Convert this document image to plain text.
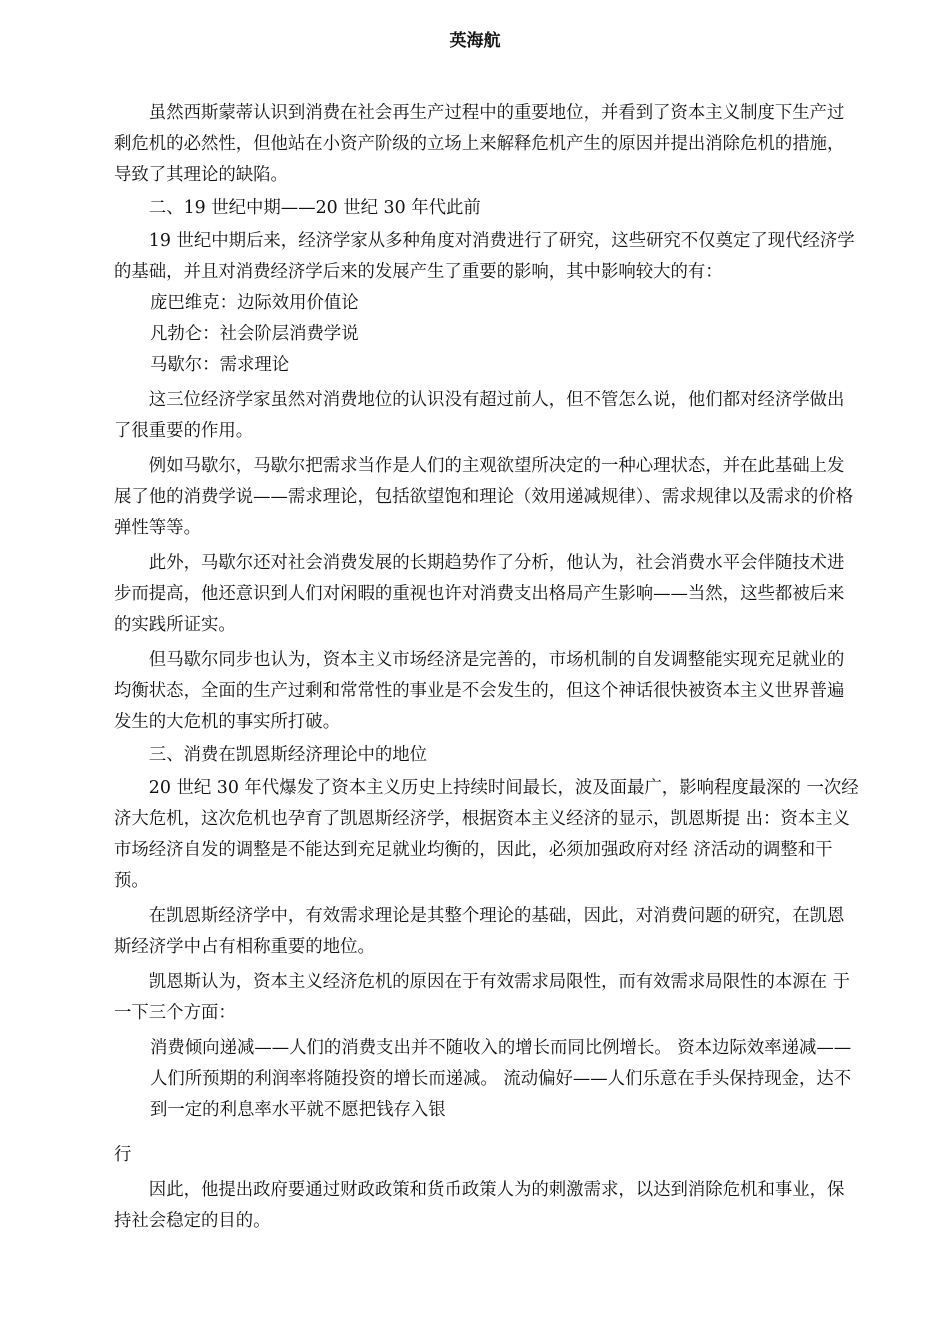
英海航

虽然西斯蒙蒂认识到消费在社会再生产过程中的重要地位，并看到了资本主义制度下生产过剩危机的必然性，但他站在小资产阶级的立场上来解释危机产生的原因并提出消除危机的措施，导致了其理论的缺陷。

二、19 世纪中期——20 世纪 30 年代此前

19 世纪中期后来，经济学家从多种角度对消费进行了研究，这些研究不仅奠定了现代经济学的基础，并且对消费经济学后来的发展产生了重要的影响，其中影响较大的有：

庞巴维克：边际效用价值论

凡勃仑：社会阶层消费学说

马歇尔：需求理论

这三位经济学家虽然对消费地位的认识没有超过前人，但不管怎么说，他们都对经济学做出了很重要的作用。

例如马歇尔，马歇尔把需求当作是人们的主观欲望所决定的一种心理状态，并在此基础上发展了他的消费学说——需求理论，包括欲望饱和理论（效用递减规律）、需求规律以及需求的价格弹性等等。

此外，马歇尔还对社会消费发展的长期趋势作了分析，他认为，社会消费水平会伴随技术进步而提高，他还意识到人们对闲暇的重视也许对消费支出格局产生影响——当然，这些都被后来的实践所证实。

但马歇尔同步也认为，资本主义市场经济是完善的，市场机制的自发调整能实现充足就业的均衡状态，全面的生产过剩和常常性的事业是不会发生的，但这个神话很快被资本主义世界普遍发生的大危机的事实所打破。

三、消费在凯恩斯经济理论中的地位

20 世纪 30 年代爆发了资本主义历史上持续时间最长，波及面最广，影响程度最深的 一次经济大危机，这次危机也孕育了凯恩斯经济学，根据资本主义经济的显示，凯恩斯提 出：资本主义市场经济自发的调整是不能达到充足就业均衡的，因此，必须加强政府对经 济活动的调整和干预。

在凯恩斯经济学中，有效需求理论是其整个理论的基础，因此，对消费问题的研究，在凯恩斯经济学中占有相称重要的地位。

凯恩斯认为，资本主义经济危机的原因在于有效需求局限性，而有效需求局限性的本源在 于一下三个方面：

消费倾向递减——人们的消费支出并不随收入的增长而同比例增长。 资本边际效率递减——人们所预期的利润率将随投资的增长而递减。 流动偏好——人们乐意在手头保持现金，达不到一定的利息率水平就不愿把钱存入银

行

因此，他提出政府要通过财政政策和货币政策人为的刺激需求，以达到消除危机和事业，保持社会稳定的目的。
